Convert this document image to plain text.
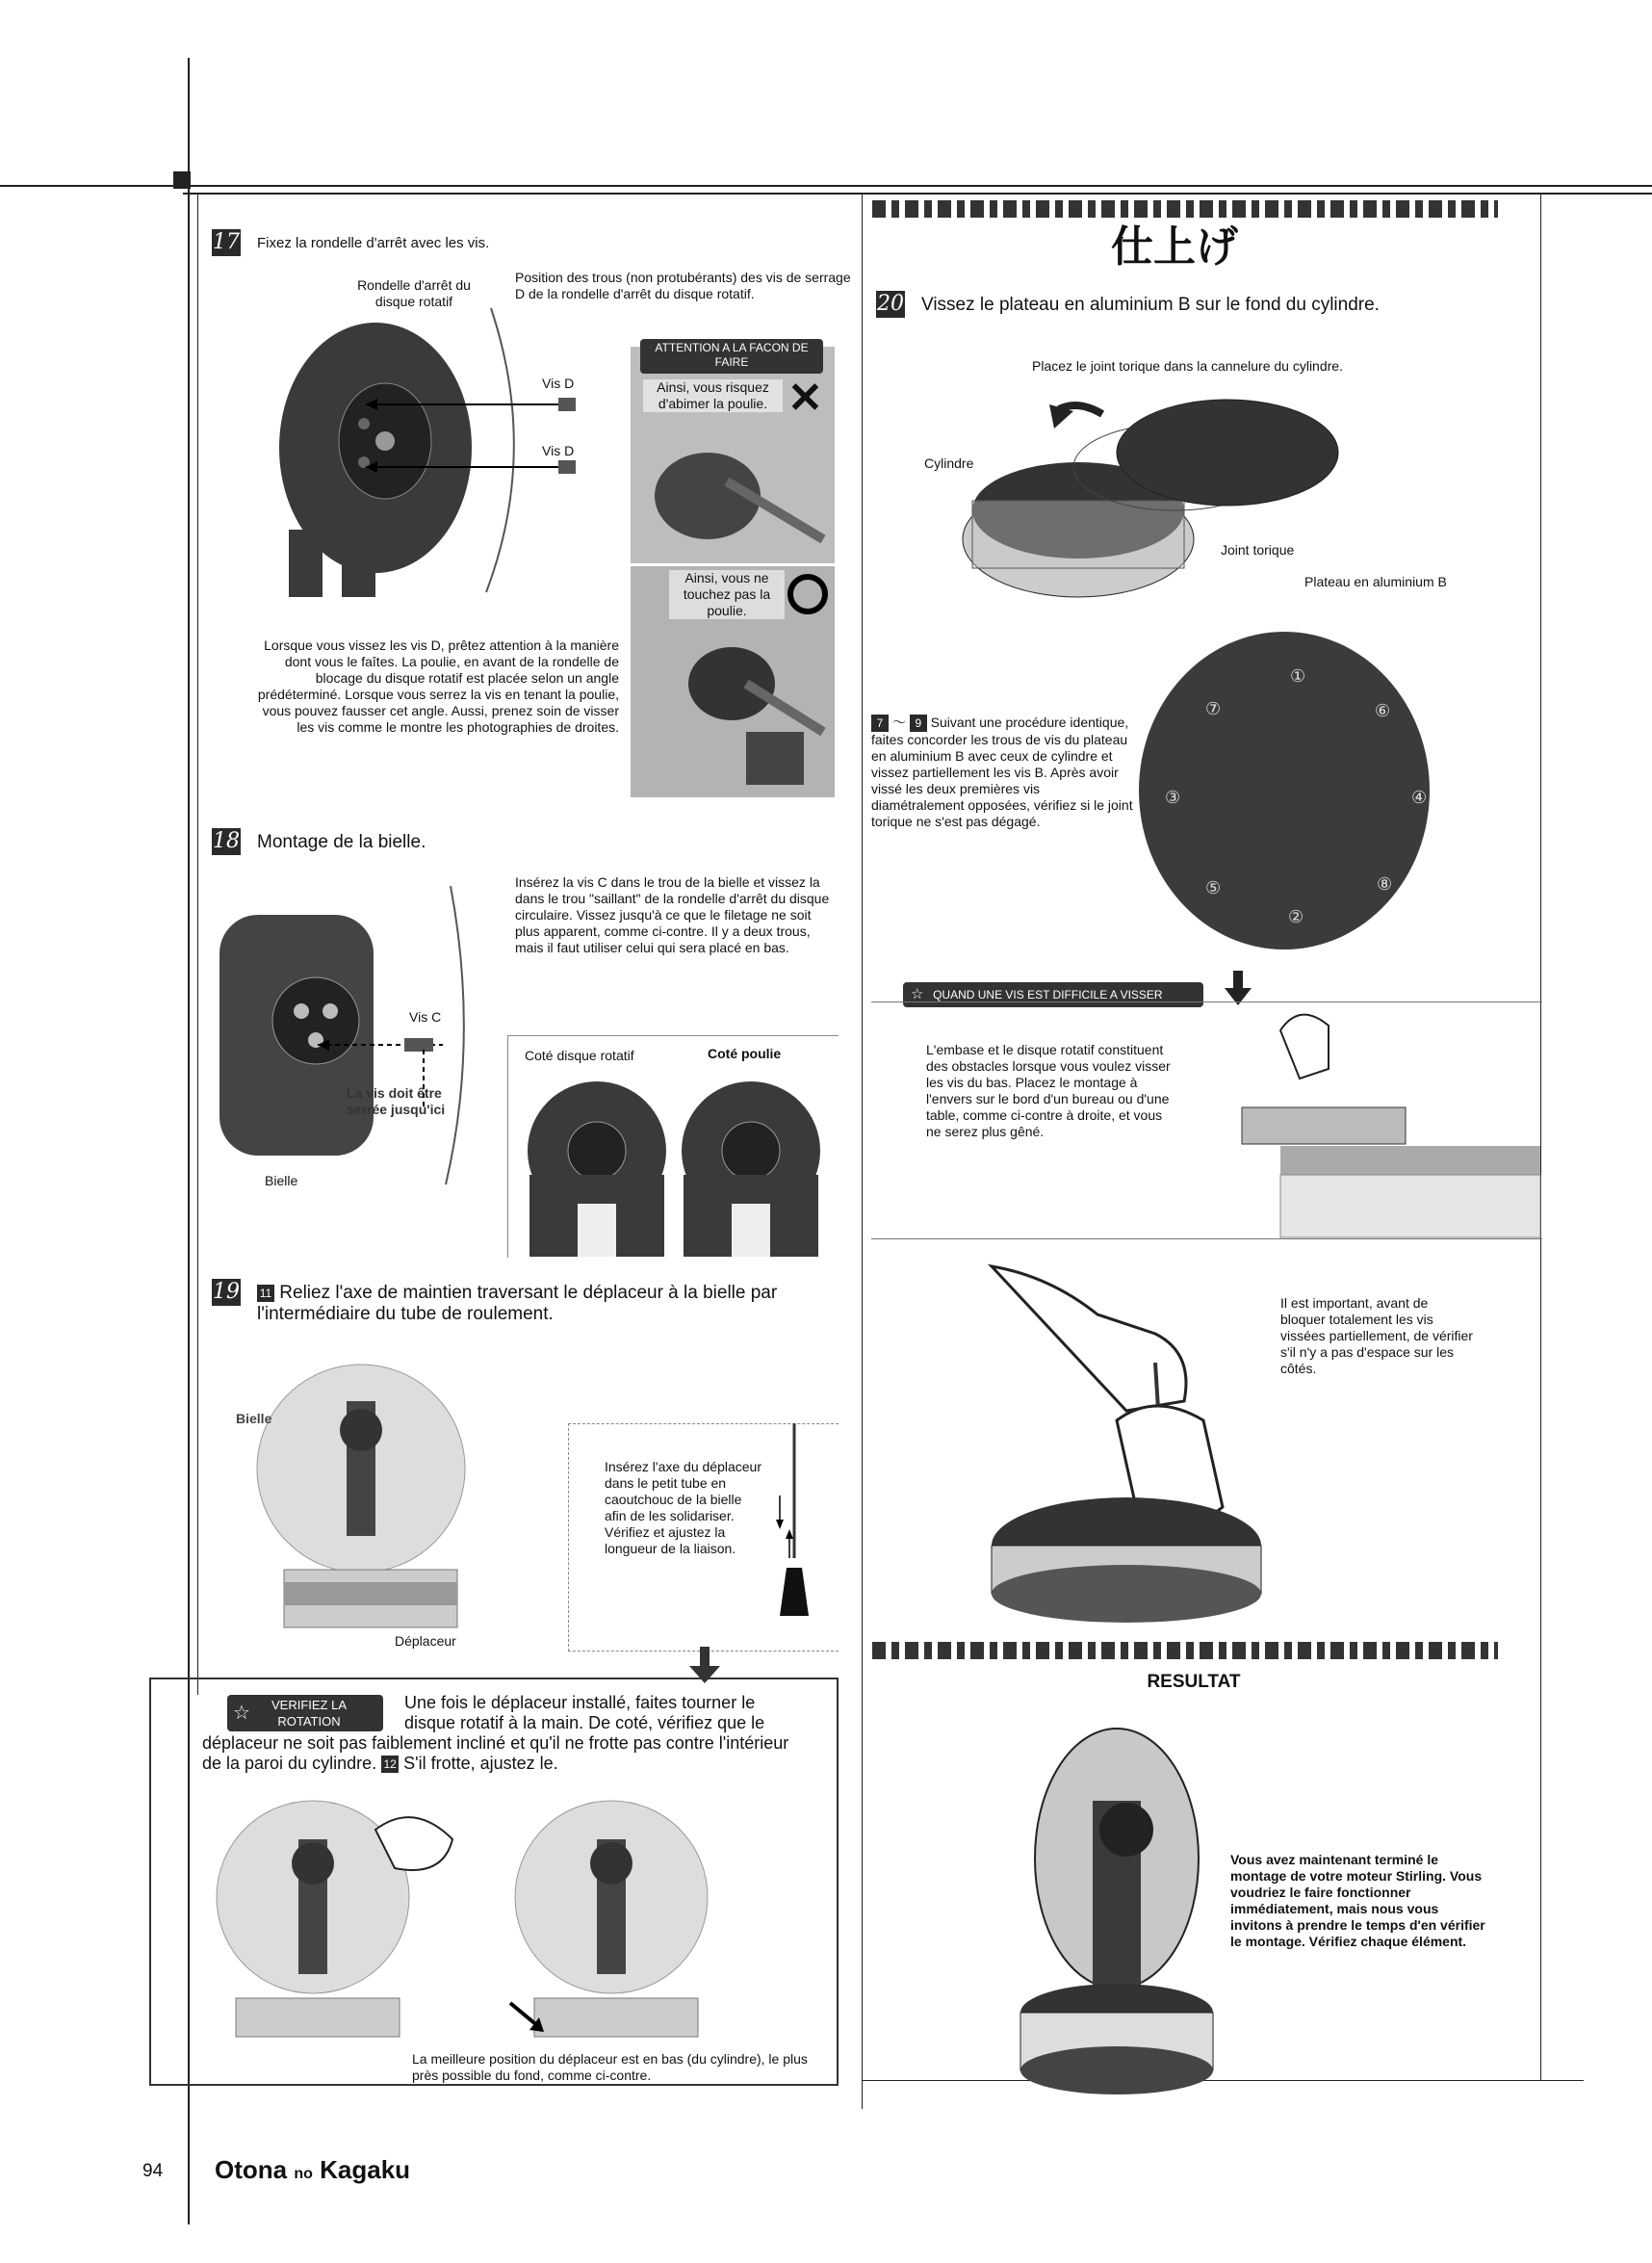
17 Fixez la rondelle d'arrêt avec les vis.
Rondelle d'arrêt du disque rotatif
Position des trous (non protubérants) des vis de serrage D de la rondelle d'arrêt du disque rotatif.
Vis D
Vis D
ATTENTION A LA FACON DE FAIRE
Ainsi, vous risquez d'abimer la poulie. ✕
Ainsi, vous ne touchez pas la poulie.
Lorsque vous vissez les vis D, prêtez attention à la manière dont vous le faîtes. La poulie, en avant de la rondelle de blocage du disque rotatif est placée selon un angle prédéterminé. Lorsque vous serrez la vis en tenant la poulie, vous pouvez fausser cet angle. Aussi, prenez soin de visser les vis comme le montre les photographies de droites.
18 Montage de la bielle.
Insérez la vis C dans le trou de la bielle et vissez la dans le trou "saillant" de la rondelle d'arrêt du disque circulaire. Vissez jusqu'à ce que le filetage ne soit plus apparent, comme ci-contre. Il y a deux trous, mais il faut utiliser celui qui sera placé en bas.
Vis C
La vis doit être serrée jusqu'ici
Bielle
Coté disque rotatif	Coté poulie
19 11 Reliez l'axe de maintien traversant le déplaceur à la bielle par l'intermédiaire du tube de roulement.
Bielle
Déplaceur
Insérez l'axe du déplaceur dans le petit tube en caoutchouc de la bielle afin de les solidariser. Vérifiez et ajustez la longueur de la liaison.
☆	VERIFIEZ LA ROTATION
Une fois le déplaceur installé, faites tourner le disque rotatif à la main. De coté, vérifiez que le déplaceur ne soit pas faiblement incliné et qu'il ne frotte pas contre l'intérieur de la paroi du cylindre. 12 S'il frotte, ajustez le.
La meilleure position du déplaceur est en bas (du cylindre), le plus près possible du fond, comme ci-contre.
仕上げ
20 Vissez le plateau en aluminium B sur le fond du cylindre.
Placez le joint torique dans la cannelure du cylindre.
Cylindre
Joint torique
Plateau en aluminium B
7 〜 9 Suivant une procédure identique, faites concorder les trous de vis du plateau en aluminium B avec ceux de cylindre et vissez partiellement les vis B. Après avoir vissé les deux premières vis diamétralement opposées, vérifiez si le joint torique ne s'est pas dégagé.
①
②
③	④
⑤
⑥
⑦
⑧
☆ QUAND UNE VIS EST DIFFICILE A VISSER
L'embase et le disque rotatif constituent des obstacles lorsque vous voulez visser les vis du bas. Placez le montage à l'envers sur le bord d'un bureau ou d'une table, comme ci-contre à droite, et vous ne serez plus gêné.
Il est important, avant de bloquer totalement les vis vissées partiellement, de vérifier s'il n'y a pas d'espace sur les côtés.
RESULTAT
Vous avez maintenant terminé le montage de votre moteur Stirling. Vous voudriez le faire fonctionner immédiatement, mais nous vous invitons à prendre le temps d'en vérifier le montage. Vérifiez chaque élément.
94 Otona no Kagaku
